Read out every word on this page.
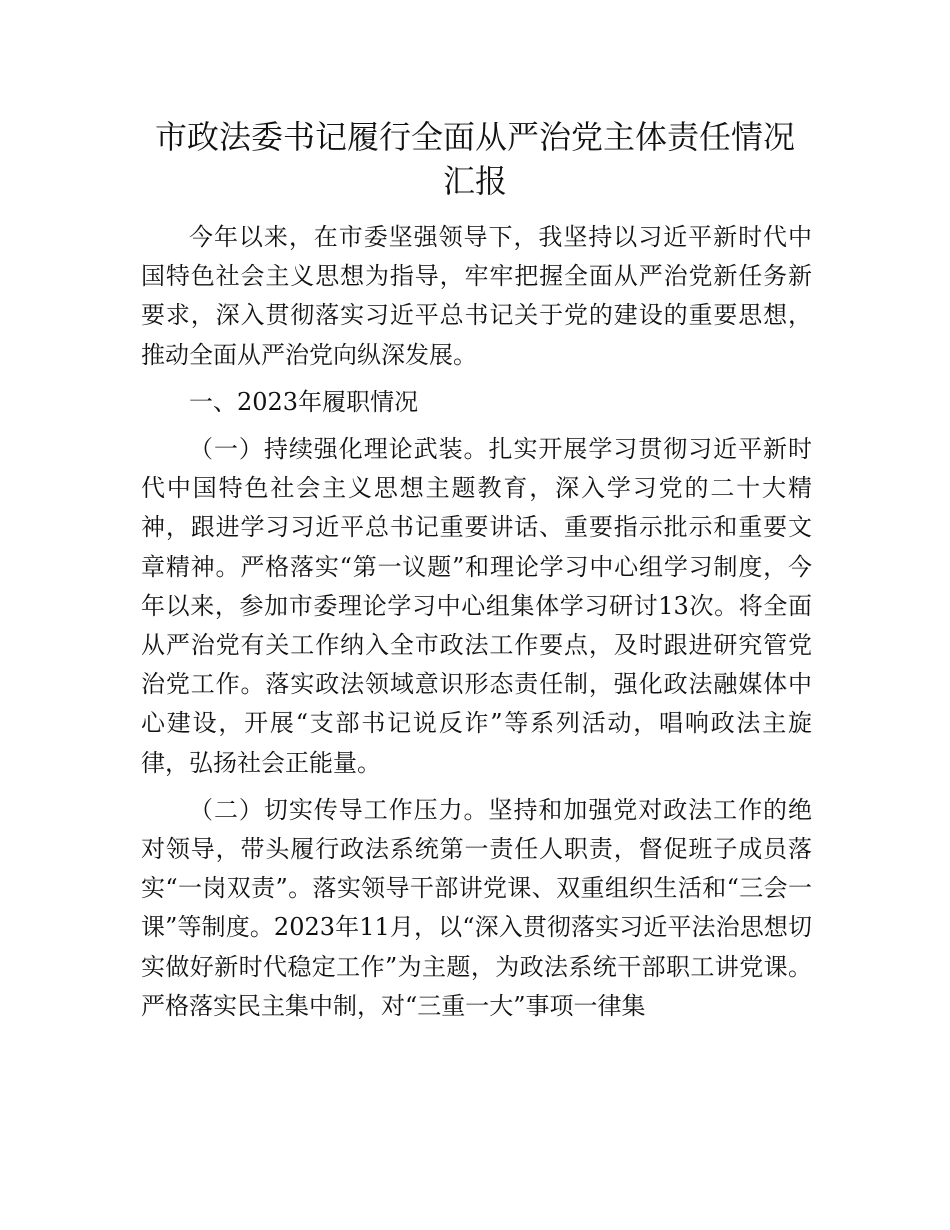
市政法委书记履行全面从严治党主体责任情况
汇报

今年以来，在市委坚强领导下，我坚持以习近平新时代中国特色社会主义思想为指导，牢牢把握全面从严治党新任务新要求，深入贯彻落实习近平总书记关于党的建设的重要思想，推动全面从严治党向纵深发展。

一、2023年履职情况

（一）持续强化理论武装。扎实开展学习贯彻习近平新时代中国特色社会主义思想主题教育，深入学习党的二十大精神，跟进学习习近平总书记重要讲话、重要指示批示和重要文章精神。严格落实“第一议题”和理论学习中心组学习制度，今年以来，参加市委理论学习中心组集体学习研讨13次。将全面从严治党有关工作纳入全市政法工作要点，及时跟进研究管党治党工作。落实政法领域意识形态责任制，强化政法融媒体中心建设，开展“支部书记说反诈”等系列活动，唱响政法主旋律，弘扬社会正能量。

（二）切实传导工作压力。坚持和加强党对政法工作的绝对领导，带头履行政法系统第一责任人职责，督促班子成员落实“一岗双责”。落实领导干部讲党课、双重组织生活和“三会一课”等制度。2023年11月，以“深入贯彻落实习近平法治思想切实做好新时代稳定工作”为主题，为政法系统干部职工讲党课。严格落实民主集中制，对“三重一大”事项一律集
